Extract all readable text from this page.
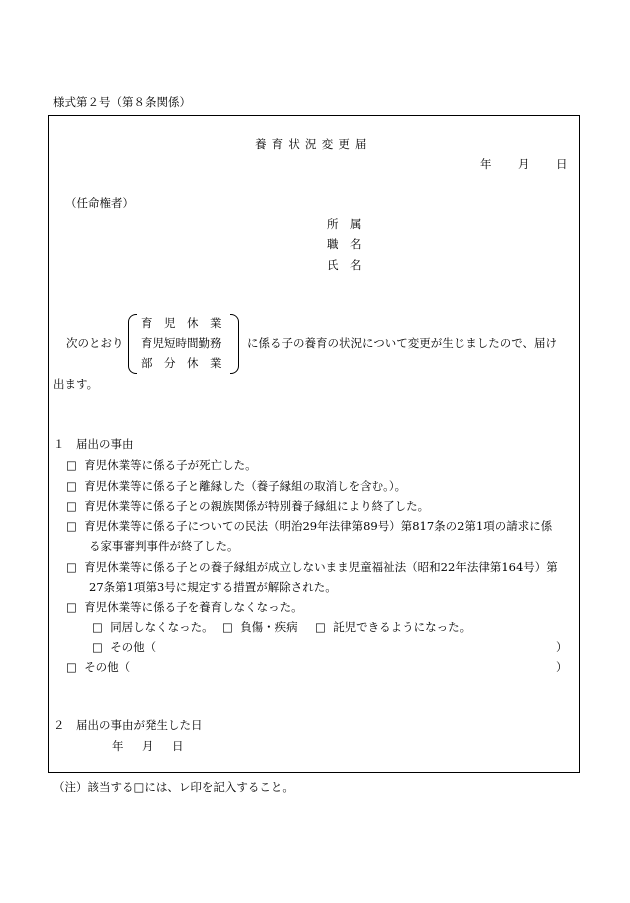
様式第２号（第８条関係）
養育状況変更届
年 月 日
（任命権者）
所　属
職　名
氏　名
次のとおり
育　児　休　業
育児短時間勤務
部　分　休　業
に係る子の養育の状況について変更が生じましたので、届け
出ます。
１　届出の事由
□ 育児休業等に係る子が死亡した。
□ 育児休業等に係る子と離縁した（養子縁組の取消しを含む。）。
□ 育児休業等に係る子との親族関係が特別養子縁組により終了した。
□ 育児休業等に係る子についての民法（明治29年法律第89号）第817条の2第1項の請求に係
る家事審判事件が終了した。
□ 育児休業等に係る子との養子縁組が成立しないまま児童福祉法（昭和22年法律第164号）第
27条第1項第3号に規定する措置が解除された。
□ 育児休業等に係る子を養育しなくなった。
□ 同居しなくなった。 □ 負傷・疾病 □ 託児できるようになった。
□ その他（	）
□ その他（	）
２　届出の事由が発生した日
年 月 日
（注）該当する□には、レ印を記入すること。
